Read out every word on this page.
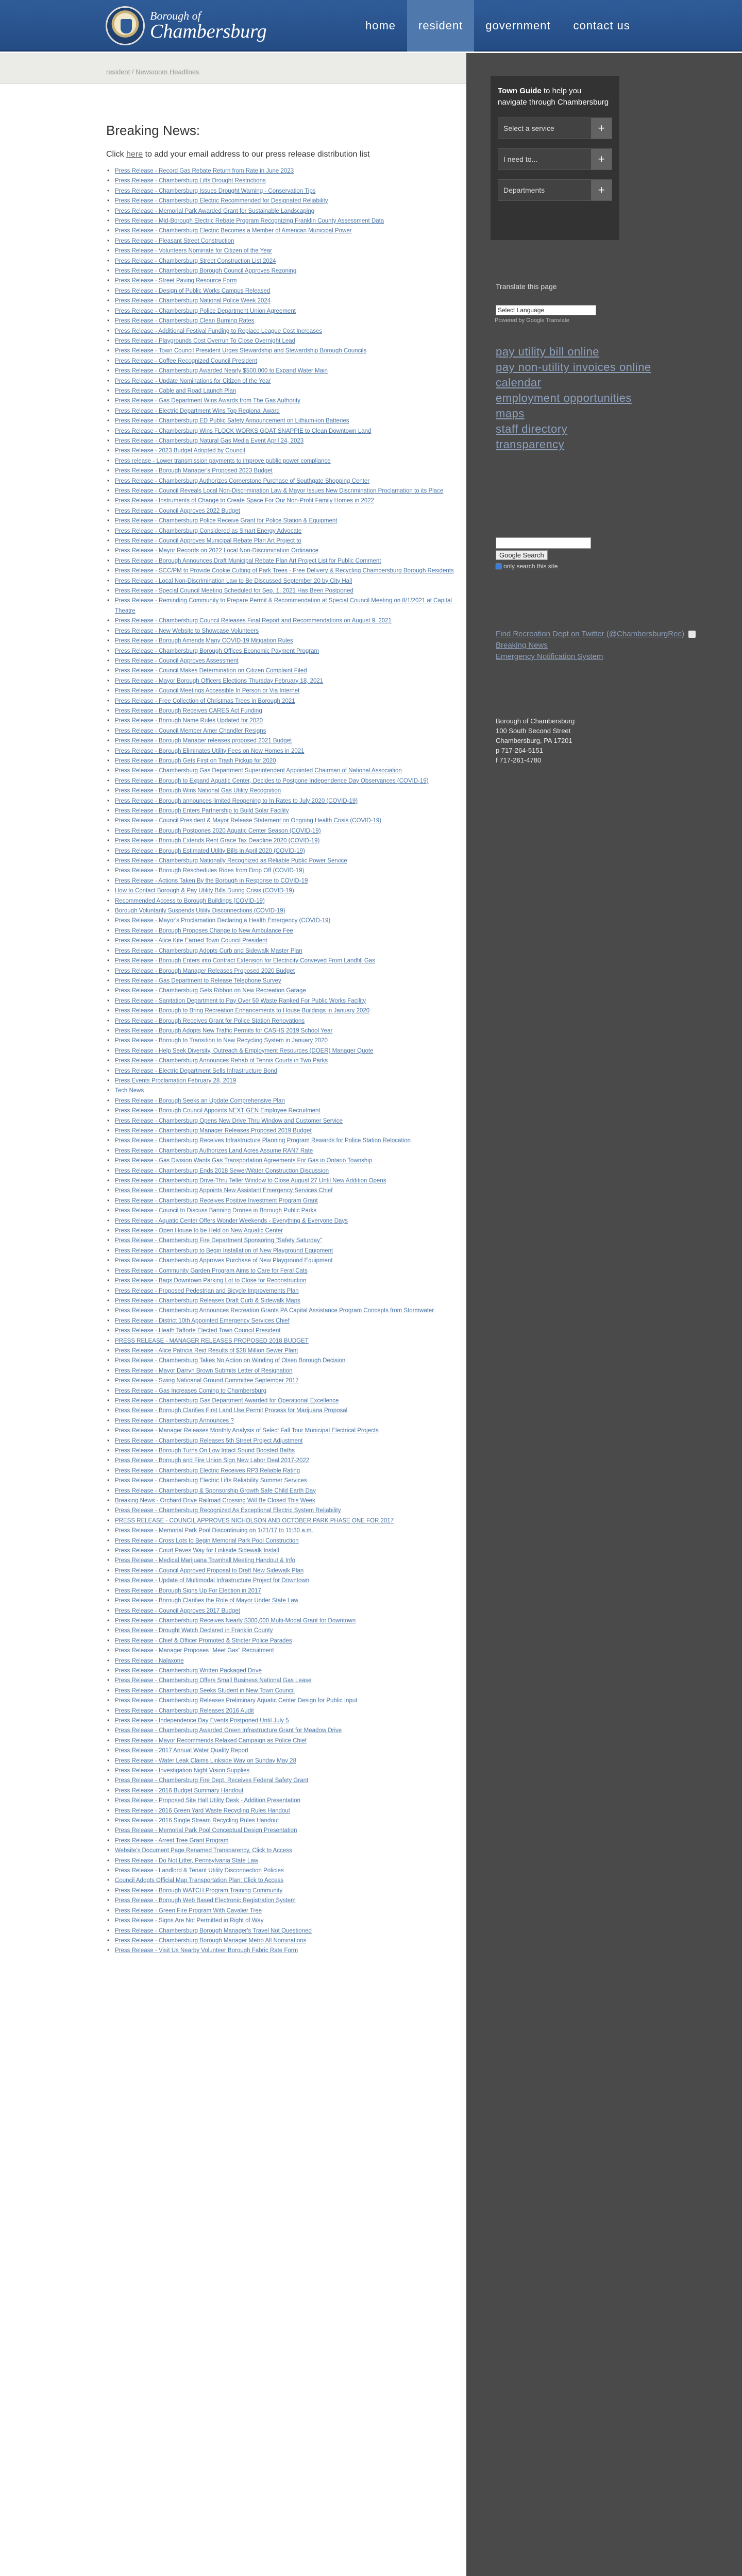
Borough of
Chambersburg	home	resident	government	contact us
resident / Newsroom Headlines
Breaking News:

Click here to add your email address to our press release distribution list

• Press Release - Record Gas Rebate Return from Rate in June 2023
• Press Release - Chambersburg Lifts Drought Restrictions
• Press Release - Chambersburg Issues Drought Warning - Conservation Tips
• Press Release - Chambersburg Electric Recommended for Designated Reliability
• Press Release - Memorial Park Awarded Grant for Sustainable Landscaping
• Press Release - Mid-Borough Electric Rebate Program Recognizing Franklin County Assessment Data
• Press Release - Chambersburg Electric Becomes a Member of American Municipal Power
• Press Release - Pleasant Street Construction
• Press Release - Volunteers Nominate for Citizen of the Year
• Press Release - Chambersburg Street Construction List 2024
• Press Release - Chambersburg Borough Council Approves Rezoning
• Press Release - Street Paving Resource Form
• Press Release - Design of Public Works Campus Released
• Press Release - Chambersburg National Police Week 2024
• Press Release - Chambersburg Police Department Union Agreement
• Press Release - Chambersburg Clean Burning Rates
• Press Release - Additional Festival Funding to Replace League Cost Increases
• Press Release - Playgrounds Cost Overrun To Close Overnight Lead
• Press Release - Town Council President Urges Stewardship and Stewardship Borough Councils
• Press Release - Coffee Recognized Council President
• Press Release - Chambersburg Awarded Nearly $500,000 to Expand Water Main
• Press Release - Update Nominations for Citizen of the Year
• Press Release - Cable and Road Launch Plan
• Press Release - Gas Department Wins Awards from The Gas Authority
• Press Release - Electric Department Wins Top Regional Award
• Press Release - Chambersburg ED Public Safety Announcement on Lithium-ion Batteries
• Press Release - Chambersburg Wins FLOCK WORKS GOAT SNAPPIE to Clean Downtown Land
• Press Release - Chambersburg Natural Gas Media Event April 24, 2023
• Press Release - 2023 Budget Adopted by Council
• Press release - Lower transmission payments to improve public power compliance
• Press Release - Borough Manager's Proposed 2023 Budget
• Press Release - Chambersburg Authorizes Cornerstone Purchase of Southgate Shopping Center
• Press Release - Council Reveals Local Non-Discrimination Law & Mayor Issues New Discrimination Proclamation to its Place
• Press Release - Instruments of Change to Create Space For Our Non-Profit Family Homes in 2022
• Press Release - Council Approves 2022 Budget
• Press Release - Chambersburg Police Receive Grant for Police Station & Equipment
• Press Release - Chambersburg Considered as Smart Energy Advocate
• Press Release - Council Approves Municipal Rebate Plan Art Project to
• Press Release - Mayor Records on 2022 Local Non-Discrimination Ordinance
• Press Release - Borough Announces Draft Municipal Rebate Plan Art Project List for Public Comment
• Press Release - SCC/PM to Provide Cookie Cutting of Park Trees - Free Delivery & Recycling Chambersburg Borough Residents
• Press Release - Local Non-Discrimination Law to Be Discussed September 20 by City Hall
• Press Release - Special Council Meeting Scheduled for Sep. 1, 2021 Has Been Postponed
• Press Release - Reminding Community to Prepare Permit & Recommendation at Special Council Meeting on 8/1/2021 at Capital Theatre
• Press Release - Chambersburg Council Releases Final Report and Recommendations on August 9, 2021
• Press Release - New Website to Showcase Volunteers
• Press Release - Borough Amends Many COVID-19 Mitigation Rules
• Press Release - Chambersburg Borough Offices Economic Payment Program
• Press Release - Council Approves Assessment
• Press Release - Council Makes Determination on Citizen Complaint Filed
• Press Release - Mayor Borough Officers Elections Thursday February 18, 2021
• Press Release - Council Meetings Accessible In Person or Via Internet
• Press Release - Free Collection of Christmas Trees in Borough 2021
• Press Release - Borough Receives CARES Act Funding
• Press Release - Borough Name Rules Updated for 2020
• Press Release - Council Member Amer Chandler Resigns
• Press Release - Borough Manager releases proposed 2021 Budget
• Press Release - Borough Eliminates Utility Fees on New Homes in 2021
• Press Release - Borough Gets First on Trash Pickup for 2020
• Press Release - Chambersburg Gas Department Superintendent Appointed Chairman of National Association
• Press Release - Borough to Expand Aquatic Center, Decides to Postpone Independence Day Observances (COVID-19)
• Press Release - Borough Wins National Gas Utility Recognition
• Press Release - Borough announces limited Reopening to In Rates to July 2020 (COVID-19)
• Press Release - Borough Enters Partnership to Build Solar Facility
• Press Release - Council President & Mayor Release Statement on Ongoing Health Crisis (COVID-19)
• Press Release - Borough Postpones 2020 Aquatic Center Season (COVID-19)
• Press Release - Borough Extends Rent Grace Tax Deadline 2020 (COVID-19)
• Press Release - Borough Estimated Utility Bills in April 2020 (COVID-19)
• Press Release - Chambersburg Nationally Recognized as Reliable Public Power Service
• Press Release - Borough Reschedules Rides from Drop Off (COVID-19)
• Press Release - Actions Taken By the Borough in Response to COVID-19
• How to Contact Borough & Pay Utility Bills During Crisis (COVID-19)
• Recommended Access to Borough Buildings (COVID-19)
• Borough Voluntarily Suspends Utility Disconnections (COVID-19)
• Press Release - Mayor's Proclamation Declaring a Health Emergency (COVID-19)
• Press Release - Borough Proposes Change to New Ambulance Fee
• Press Release - Alice Kite Earned Town Council President
• Press Release - Chambersburg Adopts Curb and Sidewalk Master Plan
• Press Release - Borough Enters into Contract Extension for Electricity Conveyed From Landfill Gas
• Press Release - Borough Manager Releases Proposed 2020 Budget
• Press Release - Gas Department to Release Telephone Survey
• Press Release - Chambersburg Gets Ribbon on New Recreation Garage
• Press Release - Sanitation Department to Pay Over 50 Waste Ranked For Public Works Facility
• Press Release - Borough to Bring Recreation Enhancements to House Buildings in January 2020
• Press Release - Borough Receives Grant for Police Station Renovations
• Press Release - Borough Adopts New Traffic Permits for CASHS 2019 School Year
• Press Release - Borough to Transition to New Recycling System in January 2020
• Press Release - Help Seek Diversity, Outreach & Employment Resources (DOER) Manager Quote
• Press Release - Chambersburg Announces Rehab of Tennis Courts in Two Parks
• Press Release - Electric Department Sells Infrastructure Bond
• Press Events Proclamation February 28, 2019
• Tech News
• Press Release - Borough Seeks an Update Comprehensive Plan
• Press Release - Borough Council Appoints NEXT GEN Employee Recruitment
• Press Release - Chambersburg Opens New Drive Thru Window and Customer Service
• Press Release - Chambersburg Manager Releases Proposed 2019 Budget
• Press Release - Chambersburg Receives Infrastructure Planning Program Rewards for Police Station Relocation
• Press Release - Chambersburg Authorizes Land Acres Assume RAN7 Rate
• Press Release - Gas Division Wants Gas Transportation Agreements For Gas in Ontario Township
• Press Release - Chambersburg Ends 2018 Sewer/Water Construction Discussion
• Press Release - Chambersburg Drive-Thru Teller Window to Close August 27 Until New Addition Opens
• Press Release - Chambersburg Appoints New Assistant Emergency Services Chief
• Press Release - Chambersburg Receives Positive Investment Program Grant
• Press Release - Council to Discuss Banning Drones in Borough Public Parks
• Press Release - Aquatic Center Offers Wonder Weekends - Everything & Everyone Days
• Press Release - Open House to be Held on New Aquatic Center
• Press Release - Chambersburg Fire Department Sponsoring "Safety Saturday"
• Press Release - Chambersburg to Begin Installation of New Playground Equipment
• Press Release - Chambersburg Approves Purchase of New Playground Equipment
• Press Release - Community Garden Program Aims to Care for Feral Cats
• Press Release - Bags Downtown Parking Lot to Close for Reconstruction
• Press Release - Proposed Pedestrian and Bicycle Improvements Plan
• Press Release - Chambersburg Releases Draft Curb & Sidewalk Maps
• Press Release - Chambersburg Announces Recreation Grants PA Capital Assistance Program Concepts from Stormwater
• Press Release - District 10th Appointed Emergency Services Chief
• Press Release - Heath Tafforte Elected Town Council President
• PRESS RELEASE - MANAGER RELEASES PROPOSED 2018 BUDGET
• Press Release - Alice Patricia Reid Results of $28 Million Sewer Plant
• Press Release - Chambersburg Takes No Action on Winding of Olsen Borough Decision
• Press Release - Mayor Darryn Brown Submits Letter of Resignation
• Press Release - Swing Natioanal Ground Committee September 2017
• Press Release - Gas Increases Coming to Chambersburg
• Press Release - Chambersburg Gas Department Awarded for Operational Excellence
• Press Release - Borough Clarifies First Land Use Permit Process for Marijuana Proposal
• Press Release - Chambersburg Announces ?
• Press Release - Manager Releases Monthly Analysis of Select Fall Tour Municipal Electrical Projects
• Press Release - Chambersburg Releases 5th Street Project Adjustment
• Press Release - Borough Turns On Low Intact Sound Boosted Baths
• Press Release - Borough and Fire Union Sign New Labor Deal 2017-2022
• Press Release - Chambersburg Electric Receives RP3 Reliable Rating
• Press Release - Chambersburg Electric Lifts Reliability Summer Services
• Press Release - Chambersburg & Sponsorship Growth Safe Child Earth Day
• Breaking News - Orchard Drive Railroad Crossing Will Be Closed This Week
• Press Release - Chambersburg Recognized As Exceptional Electric System Reliability
• PRESS RELEASE - COUNCIL APPROVES NICHOLSON AND OCTOBER PARK PHASE ONE FOR 2017
• Press Release - Memorial Park Pool Discontinuing on 1/21/17 to 11:30 a.m.
• Press Release - Cross Lots to Begin Memorial Park Pool Construction
• Press Release - Court Paves Way for Linkside Sidewalk Install
• Press Release - Medical Marijuana Townhall Meeting Handout & Info
• Press Release - Council Approved Proposal to Draft New Sidewalk Plan
• Press Release - Update of Multimodal Infrastructure Project for Downtown
• Press Release - Borough Signs Up For Election in 2017
• Press Release - Borough Clarifies the Role of Mayor Under State Law
• Press Release - Council Approves 2017 Budget
• Press Release - Chambersburg Receives Nearly $300,000 Multi-Modal Grant for Downtown
• Press Release - Drought Watch Declared in Franklin County
• Press Release - Chief & Officer Promoted & Stricter Police Parades
• Press Release - Manager Proposes "Meet Gas" Recruitment
• Press Release - Nalaxone
• Press Release - Chambersburg Written Packaged Drive
• Press Release - Chambersburg Offers Small Business National Gas Lease
• Press Release - Chambersburg Seeks Student in New Town Council
• Press Release - Chambersburg Releases Preliminary Aquatic Center Design for Public Input
• Press Release - Chambersburg Releases 2016 Audit
• Press Release - Independence Day Events Postponed Until July 5
• Press Release - Chambersburg Awarded Green Infrastructure Grant for Meadow Drive
• Press Release - Mayor Recommends Relaxed Campaign as Police Chief
• Press Release - 2017 Annual Water Quality Report
• Press Release - Water Leak Claims Linkside Way on Sunday May 28
• Press Release - Investigation Night Vision Supplies
• Press Release - Chambersburg Fire Dept. Receives Federal Safety Grant
• Press Release - 2016 Budget Summary Handout
• Press Release - Proposed Site Hall Utility Desk - Addition Presentation
• Press Release - 2016 Green Yard Waste Recycling Rules Handout
• Press Release - 2016 Single Stream Recycling Rules Handout
• Press Release - Memorial Park Pool Conceptual Design Presentation
• Press Release - Arrest Tree Grant Program
• Website's Document Page Renamed Transparency, Click to Access
• Press Release - Do Not Litter, Pennsylvania State Law
• Press Release - Landlord & Tenant Utility Disconnection Policies
• Council Adopts Official Map Transportation Plan: Click to Access
• Press Release - Borough WATCH Program Training Community
• Press Release - Borough Web Based Electronic Registration System
• Press Release - Green Fire Program With Cavalier Tree
• Press Release - Signs Are Not Permitted in Right of Way
• Press Release - Chambersburg Borough Manager's Travel Not Questioned
• Press Release - Chambersburg Borough Manager Metro All Nominations
• Press Release - Visit Us Nearby Volunteer Borough Fabric Rate Form
Town Guide to help you navigate through Chambersburg
Select a service	+
I need to...	+
Departments	+
Translate this page
Select Language
Powered by Google Translate
pay utility bill online
pay non-utility invoices online
calendar
employment opportunities
maps
staff directory
transparency
Google Search
only search this site
Find Recreation Dept on Twitter (@ChambersburgRec)
Breaking News
Emergency Notification System
Borough of Chambersburg
100 South Second Street
Chambersburg, PA 17201
p 717-264-5151
f 717-261-4780
